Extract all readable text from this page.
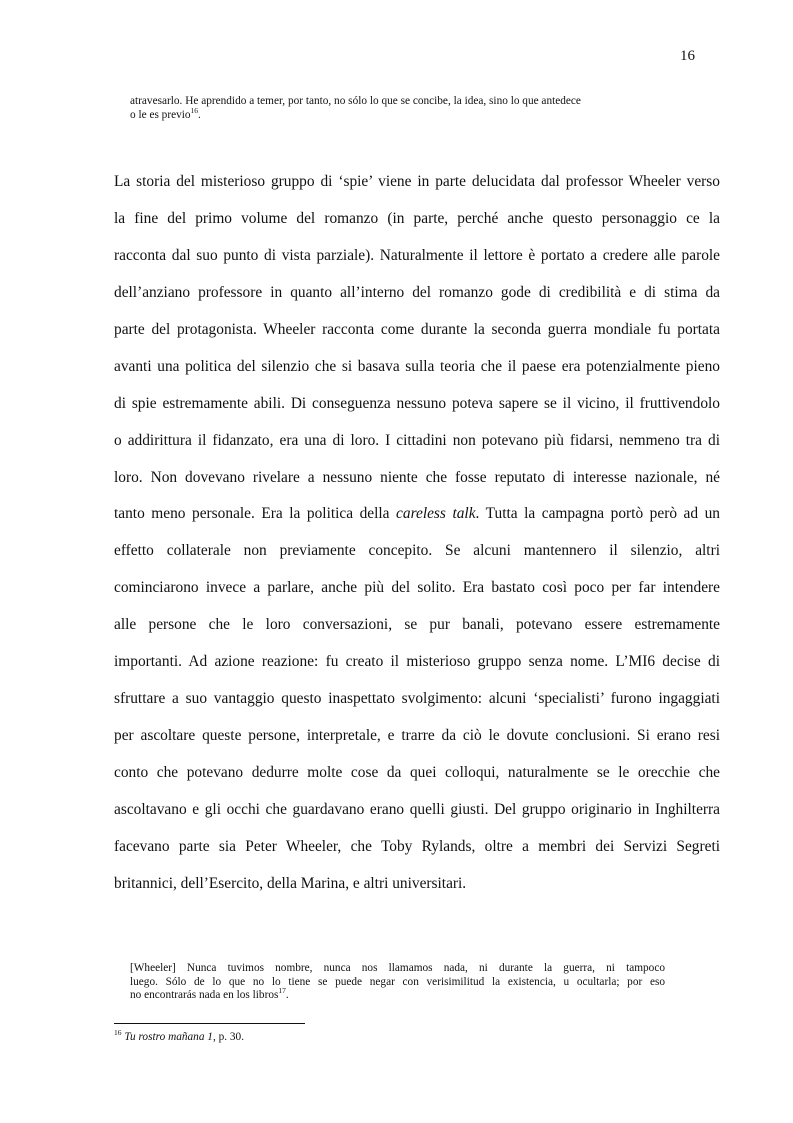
16
atravesarlo. He aprendido a temer, por tanto, no sólo lo que se concibe, la idea, sino lo que antedece
o le es previo$^{16}$.
La storia del misterioso gruppo di ‘spie’ viene in parte delucidata dal professor Wheeler verso
la fine del primo volume del romanzo (in parte, perché anche questo personaggio ce la
racconta dal suo punto di vista parziale). Naturalmente il lettore è portato a credere alle parole
dell’anziano professore in quanto all’interno del romanzo gode di credibilità e di stima da
parte del protagonista. Wheeler racconta come durante la seconda guerra mondiale fu portata
avanti una politica del silenzio che si basava sulla teoria che il paese era potenzialmente pieno
di spie estremamente abili. Di conseguenza nessuno poteva sapere se il vicino, il fruttivendolo
o addirittura il fidanzato, era una di loro. I cittadini non potevano più fidarsi, nemmeno tra di
loro. Non dovevano rivelare a nessuno niente che fosse reputato di interesse nazionale, né
tanto meno personale. Era la politica della careless talk. Tutta la campagna portò però ad un
effetto collaterale non previamente concepito. Se alcuni mantennero il silenzio, altri
cominciarono invece a parlare, anche più del solito. Era bastato così poco per far intendere
alle persone che le loro conversazioni, se pur banali, potevano essere estremamente
importanti. Ad azione reazione: fu creato il misterioso gruppo senza nome. L’MI6 decise di
sfruttare a suo vantaggio questo inaspettato svolgimento: alcuni ‘specialisti’ furono ingaggiati
per ascoltare queste persone, interpretale, e trarre da ciò le dovute conclusioni. Si erano resi
conto che potevano dedurre molte cose da quei colloqui, naturalmente se le orecchie che
ascoltavano e gli occhi che guardavano erano quelli giusti. Del gruppo originario in Inghilterra
facevano parte sia Peter Wheeler, che Toby Rylands, oltre a membri dei Servizi Segreti
britannici, dell’Esercito, della Marina, e altri universitari.
[Wheeler] Nunca tuvimos nombre, nunca nos llamamos nada, ni durante la guerra, ni tampoco
luego. Sólo de lo que no lo tiene se puede negar con verisimilitud la existencia, u ocultarla; por eso
no encontrarás nada en los libros$^{17}$.
$^{16}$ Tu rostro mañana 1, p. 30.
